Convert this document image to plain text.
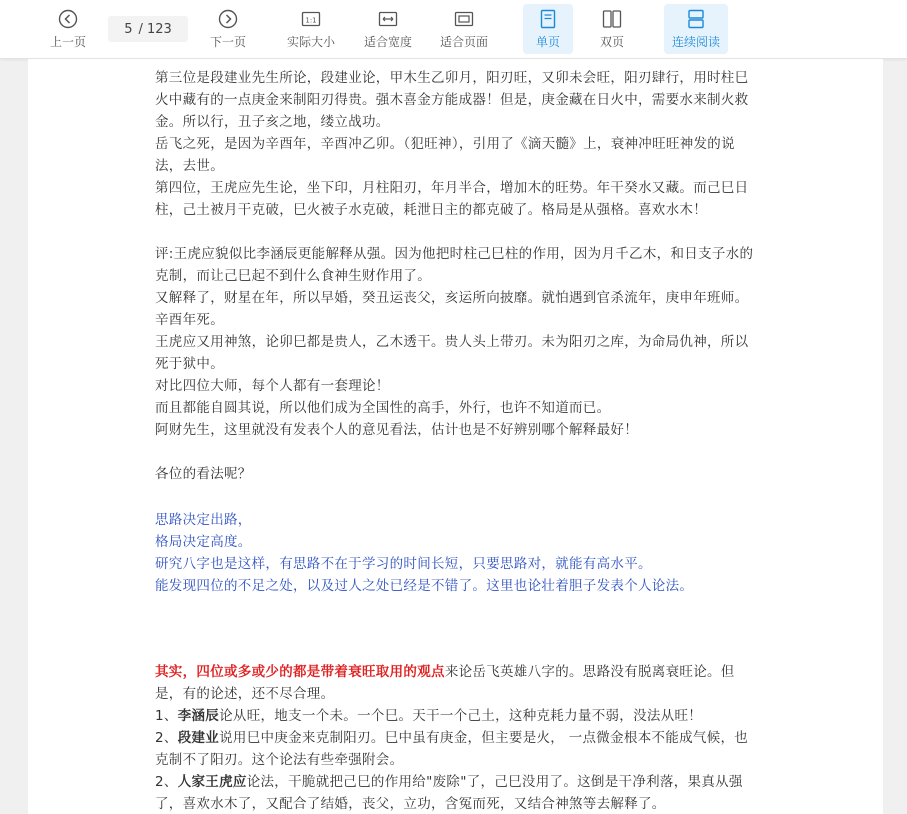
上一页
5 / 123
下一页
1:1
实际大小 适合宽度 适合页面	单页	双页	连续阅读
第三位是段建业先生所论，段建业论，甲木生乙卯月，阳刃旺，又卯未会旺，阳刃肆行，用时柱巳火中藏有的一点庚金来制阳刃得贵。强木喜金方能成器！但是，庚金藏在日火中，需要水来制火救金。所以行，丑子亥之地，缕立战功。
岳飞之死，是因为辛酉年，辛酉冲乙卯。（犯旺神），引用了《滴天髓》上，衰神冲旺旺神发的说法，去世。
第四位，王虎应先生论，坐下印，月柱阳刃，年月半合，增加木的旺势。年干癸水又藏。而己巳日柱，己土被月干克破，巳火被子水克破，耗泄日主的都克破了。格局是从强格。喜欢水木！
评:王虎应貌似比李涵辰更能解释从强。因为他把时柱己巳柱的作用，因为月千乙木，和日支子水的克制，而让己巳起不到什么食神生财作用了。
又解释了，财星在年，所以早婚，癸丑运丧父，亥运所向披靡。就怕遇到官杀流年，庚申年班师。辛酉年死。
王虎应又用神煞，论卯巳都是贵人，乙木透干。贵人头上带刃。未为阳刃之库，为命局仇神，所以死于狱中。
对比四位大师，每个人都有一套理论！
而且都能自圆其说，所以他们成为全国性的高手，外行，也许不知道而已。
阿财先生，这里就没有发表个人的意见看法，估计也是不好辨别哪个解释最好！
各位的看法呢？
思路决定出路，
格局决定高度。
研究八字也是这样，有思路不在于学习的时间长短，只要思路对，就能有高水平。
能发现四位的不足之处，以及过人之处已经是不错了。这里也论壮着胆子发表个人论法。
其实，四位或多或少的都是带着衰旺取用的观点来论岳飞英雄八字的。思路没有脱离衰旺论。但是，有的论述，还不尽合理。
1、李涵辰论从旺，地支一个未。一个巳。天干一个己土，这种克耗力量不弱，没法从旺！
2、段建业说用巳中庚金来克制阳刃。巳中虽有庚金，但主要是火， 一点微金根本不能成气候，也克制不了阳刃。这个论法有些牵强附会。
2、人家王虎应论法，干脆就把己巳的作用给"废除"了，己巳没用了。这倒是干净利落，果真从强了，喜欢水木了，又配合了结婚，丧父，立功，含冤而死，又结合神煞等去解释了。
